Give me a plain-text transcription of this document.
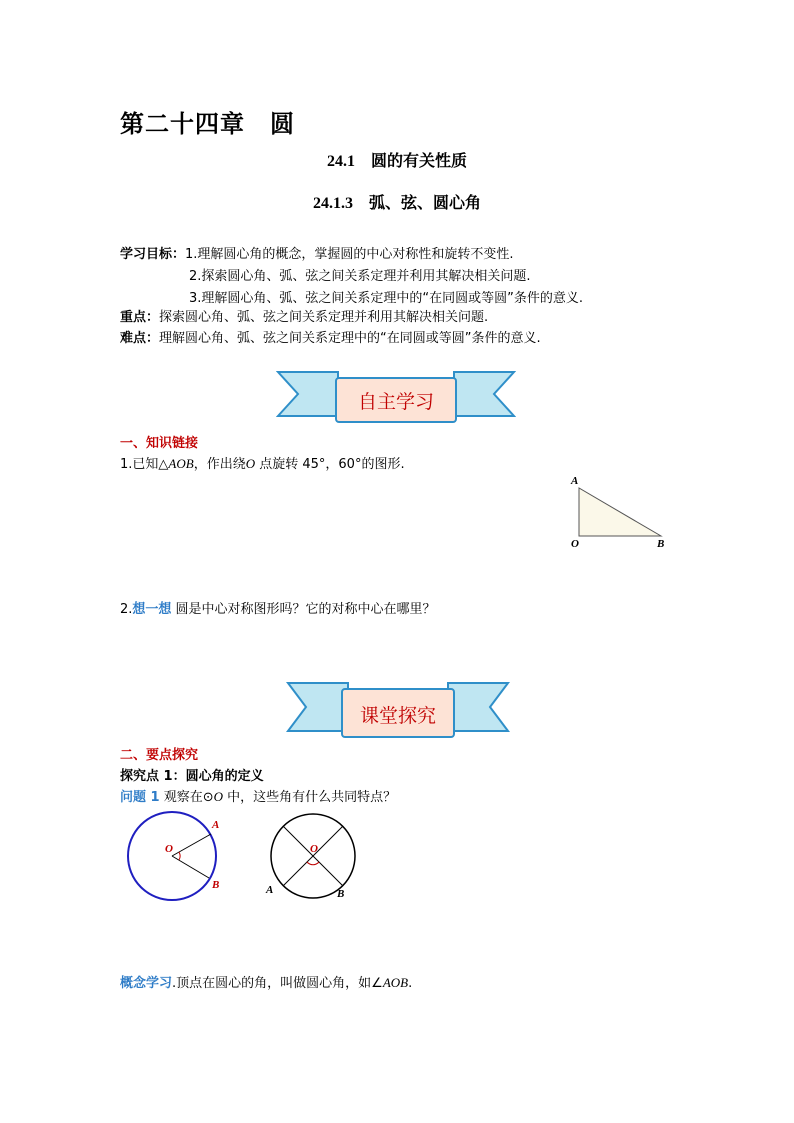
第二十四章　圆
24.1　圆的有关性质
24.1.3　弧、弦、圆心角
学习目标：1.理解圆心角的概念，掌握圆的中心对称性和旋转不变性.
2.探索圆心角、弧、弦之间关系定理并利用其解决相关问题.
3.理解圆心角、弧、弦之间关系定理中的“在同圆或等圆”条件的意义.
重点：探索圆心角、弧、弦之间关系定理并利用其解决相关问题.
难点：理解圆心角、弧、弦之间关系定理中的“在同圆或等圆”条件的意义.
自主学习
一、知识链接
1.已知△AOB，作出绕O 点旋转 45°，60°的图形.
A
O	B
2.想一想 圆是中心对称图形吗？它的对称中心在哪里？
课堂探究
二、要点探究
探究点 1：圆心角的定义
问题 1 观察在⊙O 中，这些角有什么共同特点？
O
A
B
O
A	B
概念学习.顶点在圆心的角，叫做圆心角，如∠AOB.
